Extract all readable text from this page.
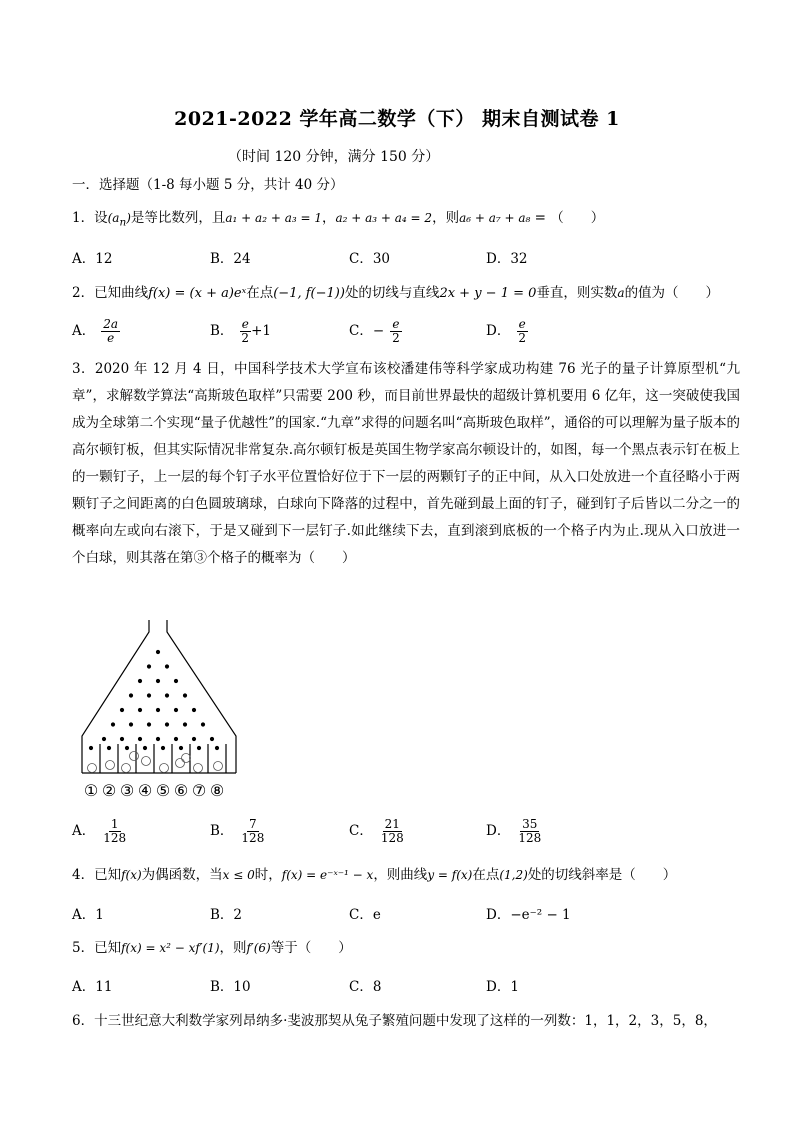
2021-2022 学年高二数学（下） 期末自测试卷 1
（时间 120 分钟，满分 150 分）
一．选择题（1-8 每小题 5 分，共计 40 分）
1．设$(a_n)$是等比数列，且a₁ + a₂ + a₃ = 1，a₂ + a₃ + a₄ = 2，则a₆ + a₇ + a₈ = （　　）
A．12	B．24	C．30	D．32
2．已知曲线f(x) = (x + a)eˣ在点(−1, f(−1))处的切线与直线2x + y − 1 = 0垂直，则实数a的值为（　　）
A． $\frac{2a}{e}$	B． $\frac{e}{2} +1$	C．− $\frac{e}{2}$	D． $\frac{e}{2}$
3．2020 年 12 月 4 日，中国科学技术大学宣布该校潘建伟等科学家成功构建 76 光子的量子计算原型机“九章”，求解数学算法“高斯玻色取样”只需要 200 秒，而目前世界最快的超级计算机要用 6 亿年，这一突破使我国成为全球第二个实现“量子优越性”的国家.“九章”求得的问题名叫“高斯玻色取样”，通俗的可以理解为量子版本的高尔顿钉板，但其实际情况非常复杂.高尔顿钉板是英国生物学家高尔顿设计的，如图，每一个黑点表示钉在板上的一颗钉子，上一层的每个钉子水平位置恰好位于下一层的两颗钉子的正中间，从入口处放进一个直径略小于两颗钉子之间距离的白色圆玻璃球，白球向下降落的过程中，首先碰到最上面的钉子，碰到钉子后皆以二分之一的概率向左或向右滚下，于是又碰到下一层钉子.如此继续下去，直到滚到底板的一个格子内为止.现从入口放进一个白球，则其落在第③个格子的概率为（　　）
① ② ③ ④ ⑤ ⑥ ⑦ ⑧
A． $\frac{1}{128}$	B． $\frac{7}{128}$	C． $\frac{21}{128}$	D． $\frac{35}{128}$
4．已知f(x)为偶函数，当x ≤ 0时，f(x) = e⁻ˣ⁻¹ − x，则曲线y = f(x)在点(1,2)处的切线斜率是（　　）
A．1	B．2	C．e	D．−e⁻² − 1
5．已知f(x) = x² − xf′(1)，则f′(6)等于（　　）
A．11	B．10	C．8	D．1
6．十三世纪意大利数学家列昂纳多·斐波那契从兔子繁殖问题中发现了这样的一列数：1，1，2，3，5，8，
